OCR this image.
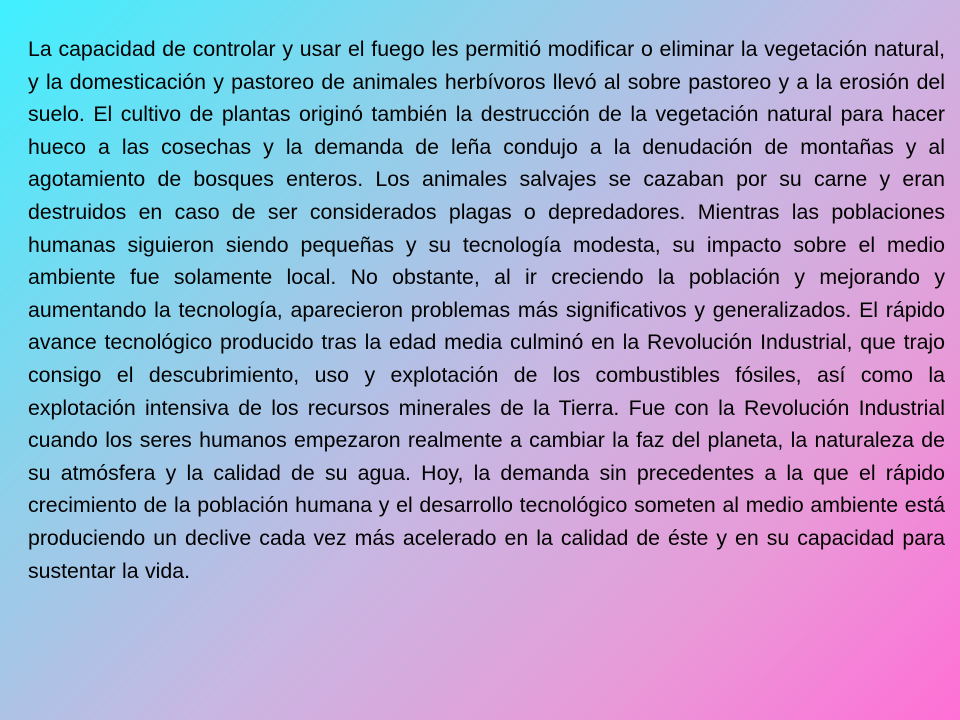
La capacidad de controlar y usar el fuego les permitió modificar o eliminar la vegetación natural, y la domesticación y pastoreo de animales herbívoros llevó al sobre pastoreo y a la erosión del suelo. El cultivo de plantas originó también la destrucción de la vegetación natural para hacer hueco a las cosechas y la demanda de leña condujo a la denudación de montañas y al agotamiento de bosques enteros. Los animales salvajes se cazaban por su carne y eran destruidos en caso de ser considerados plagas o depredadores. Mientras las poblaciones humanas siguieron siendo pequeñas y su tecnología modesta, su impacto sobre el medio ambiente fue solamente local. No obstante, al ir creciendo la población y mejorando y aumentando la tecnología, aparecieron problemas más significativos y generalizados. El rápido avance tecnológico producido tras la edad media culminó en la Revolución Industrial, que trajo consigo el descubrimiento, uso y explotación de los combustibles fósiles, así como la explotación intensiva de los recursos minerales de la Tierra. Fue con la Revolución Industrial cuando los seres humanos empezaron realmente a cambiar la faz del planeta, la naturaleza de su atmósfera y la calidad de su agua. Hoy, la demanda sin precedentes a la que el rápido crecimiento de la población humana y el desarrollo tecnológico someten al medio ambiente está produciendo un declive cada vez más acelerado en la calidad de éste y en su capacidad para sustentar la vida.
